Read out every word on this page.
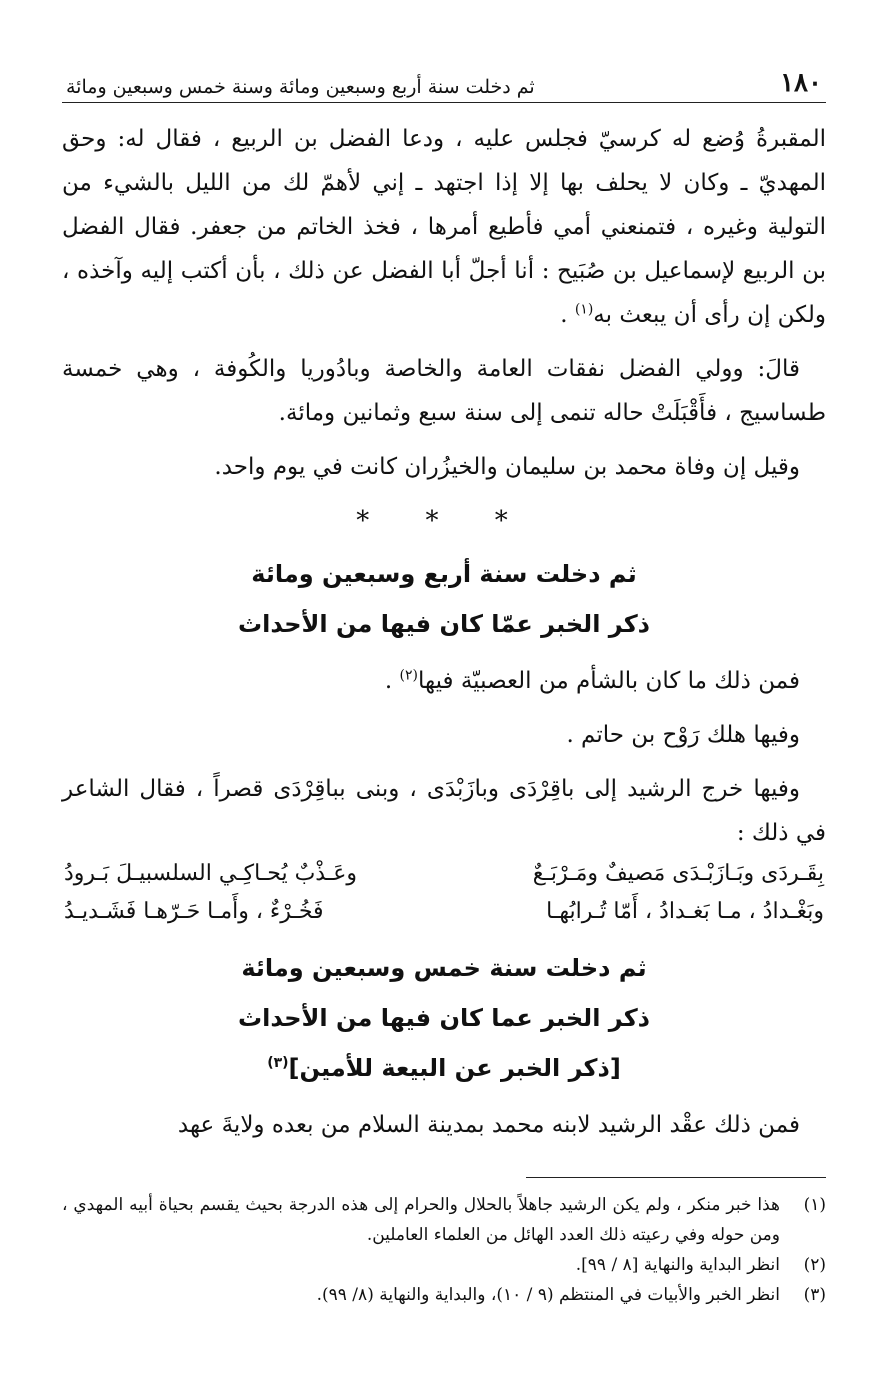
١٨٠
ثم دخلت سنة أربع وسبعين ومائة وسنة خمس وسبعين ومائة

المقبرةُ وُضع له كرسيّ فجلس عليه ، ودعا الفضل بن الربيع ، فقال له: وحق المهديّ ـ وكان لا يحلف بها إلا إذا اجتهد ـ إني لأهمّ لك من الليل بالشيء من التولية وغيره ، فتمنعني أمي فأطيع أمرها ، فخذ الخاتم من جعفر. فقال الفضل بن الربيع لإسماعيل بن صُبَيح : أنا أجلّ أبا الفضل عن ذلك ، بأن أكتب إليه وآخذه ، ولكن إن رأى أن يبعث به$^{(١)}$ .

قالَ: وولي الفضل نفقات العامة والخاصة وبادُوريا والكُوفة ، وهي خمسة طساسيج ، فأَقْبَلَتْ حاله تنمى إلى سنة سبع وثمانين ومائة.

وقيل إن وفاة محمد بن سليمان والخيزُران كانت في يوم واحد.

* * *
ثم دخلت سنة أربع وسبعين ومائة
ذكر الخبر عمّا كان فيها من الأحداث

فمن ذلك ما كان بالشأم من العصبيّة فيها$^{(٢)}$ .

وفيها هلك رَوْح بن حاتم .

وفيها خرج الرشيد إلى باقِرْدَى وبازَبْدَى ، وبنى بباقِرْدَى قصراً ، فقال الشاعر في ذلك :

بِقَـردَى وبَـازَبْـدَى مَصيفٌ ومَـرْبَـعٌ
وعَـذْبٌ يُحـاكِـي السلسبيـلَ بَـرودُ
وبَغْـدادُ ، مـا بَغـدادُ ، أَمّا تُـرابُهـا
فَخُـرْءٌ ، وأَمـا حَـرّهـا فَشَـديـدُ
ثم دخلت سنة خمس وسبعين ومائة
ذكر الخبر عما كان فيها من الأحداث
[ذكر الخبر عن البيعة للأمين]$^{(٣)}$

فمن ذلك عقْد الرشيد لابنه محمد بمدينة السلام من بعده ولايةَ عهد

(١)
هذا خبر منكر ، ولم يكن الرشيد جاهلاً بالحلال والحرام إلى هذه الدرجة بحيث يقسم بحياة أبيه المهدي ، ومن حوله وفي رعيته ذلك العدد الهائل من العلماء العاملين.
(٢)
انظر البداية والنهاية [٨ / ٩٩].
(٣)
انظر الخبر والأبيات في المنتظم (٩ / ١٠)، والبداية والنهاية (٨/ ٩٩).
